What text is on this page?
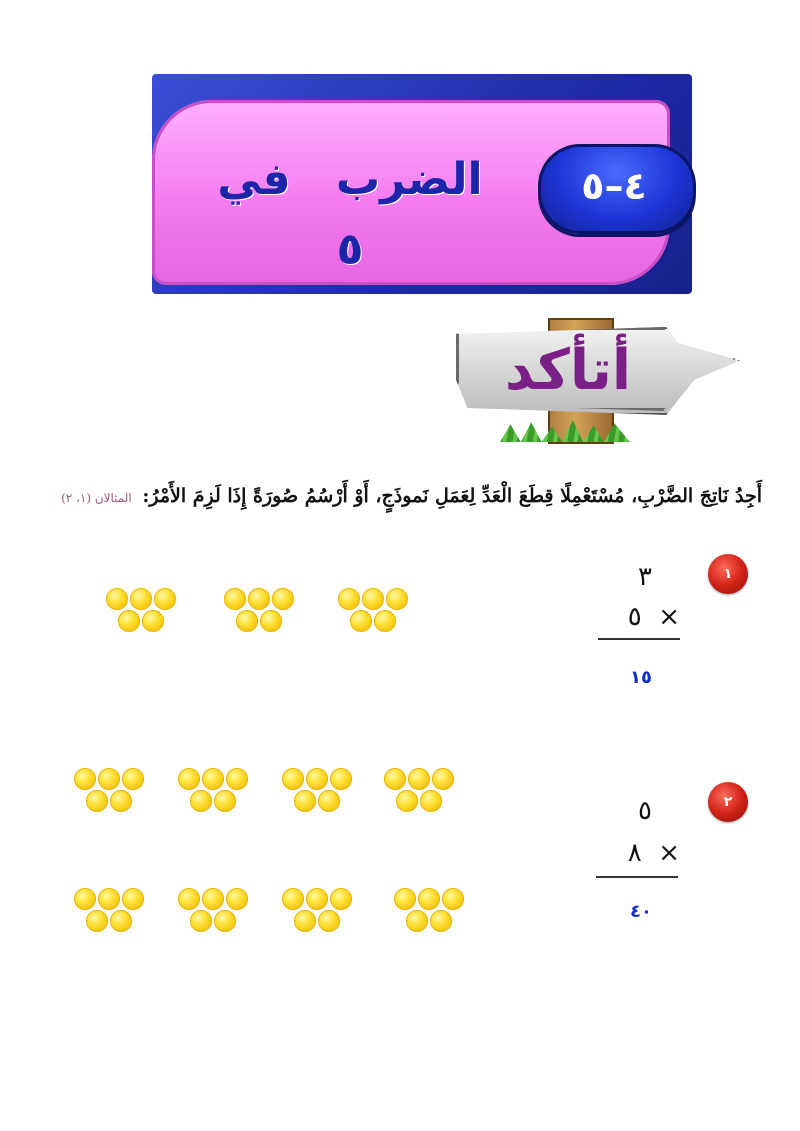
الضرب في ٥
٤–٥
أتأكد
أَجِدُ نَاتِجَ الضَّرْبِ، مُسْتَعْمِلًا قِطَعَ الْعَدِّ لِعَمَلِ نَموذَجٍ، أَوْ أَرْسُمُ صُورَةً إِذَا لَزِمَ الأَمْرُ: المثالان (١، ٢)
١
٣
٥ ×
١٥
٢
٥
٨ ×
٤٠
